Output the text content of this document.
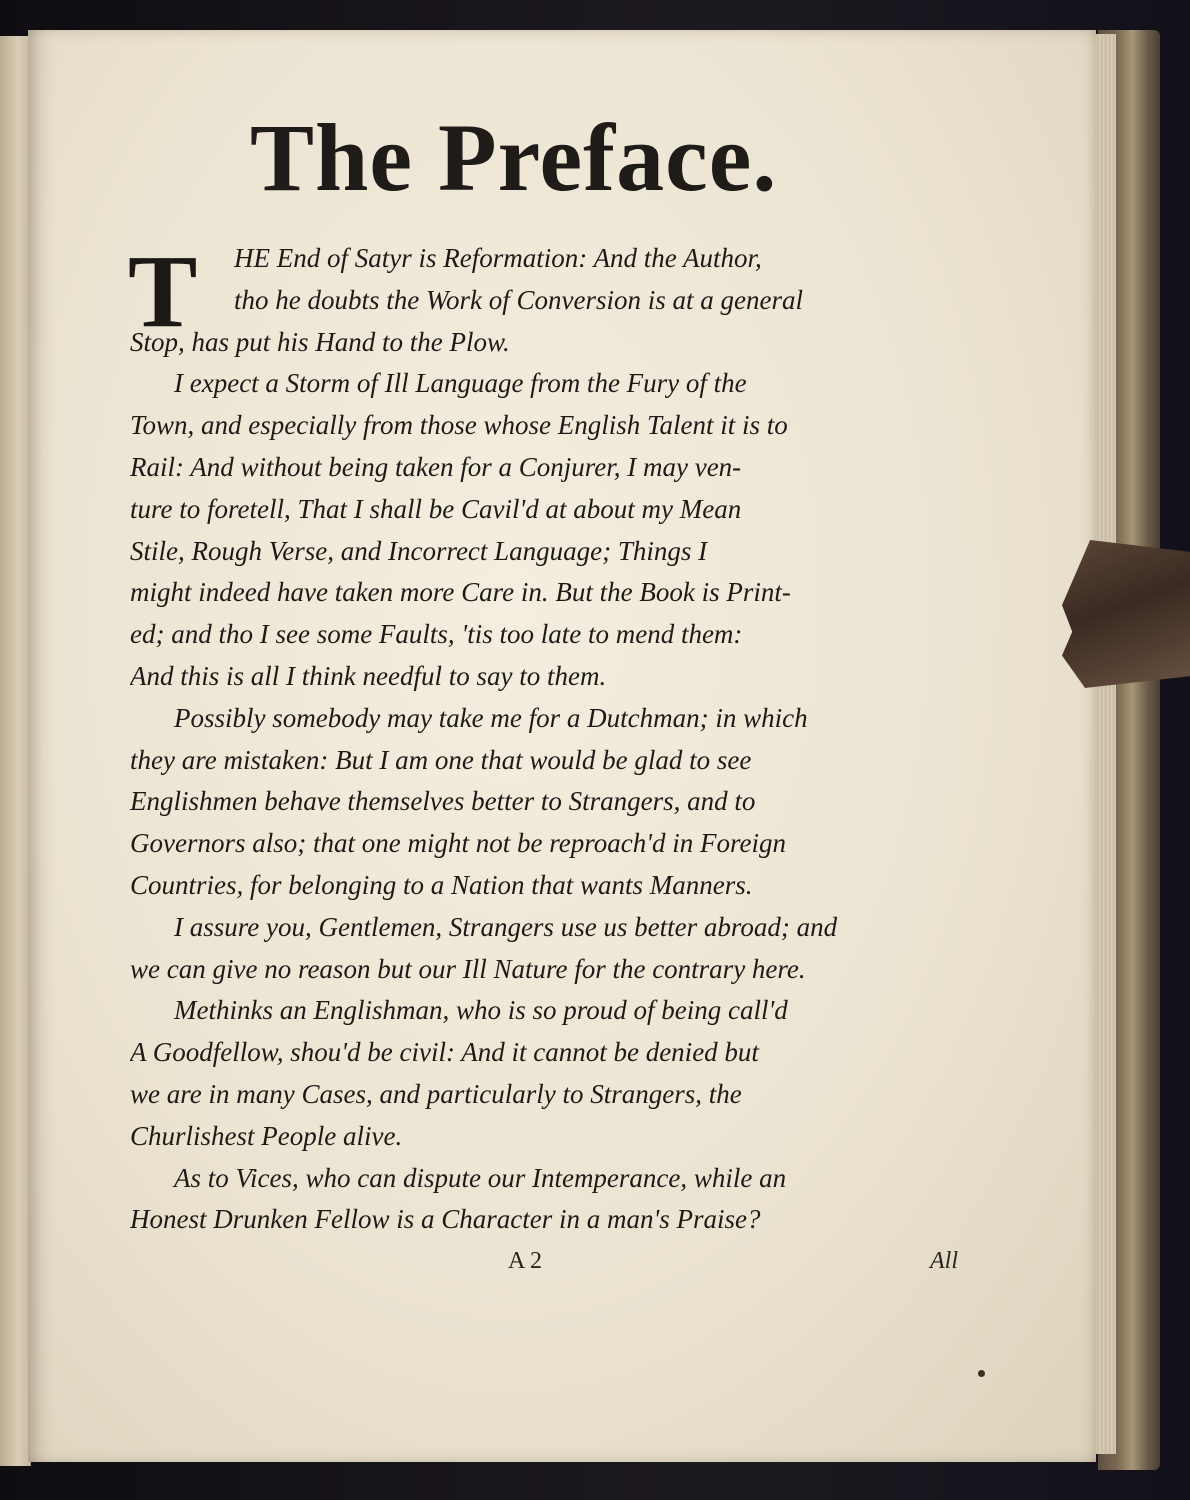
The Preface.
T	HE End of Satyr is Reformation: And the Author,
tho he doubts the Work of Conversion is at a general
Stop, has put his Hand to the Plow.
I expect a Storm of Ill Language from the Fury of the
Town, and especially from those whose English Talent it is to
Rail: And without being taken for a Conjurer, I may ven-
ture to foretell, That I shall be Cavil'd at about my Mean
Stile, Rough Verse, and Incorrect Language; Things I
might indeed have taken more Care in. But the Book is Print-
ed; and tho I see some Faults, 'tis too late to mend them:
And this is all I think needful to say to them.
Possibly somebody may take me for a Dutchman; in which
they are mistaken: But I am one that would be glad to see
Englishmen behave themselves better to Strangers, and to
Governors also; that one might not be reproach'd in Foreign
Countries, for belonging to a Nation that wants Manners.
I assure you, Gentlemen, Strangers use us better abroad; and
we can give no reason but our Ill Nature for the contrary here.
Methinks an Englishman, who is so proud of being call'd
A Goodfellow, shou'd be civil: And it cannot be denied but
we are in many Cases, and particularly to Strangers, the
Churlishest People alive.
As to Vices, who can dispute our Intemperance, while an
Honest Drunken Fellow is a Character in a man's Praise?
A 2	All
